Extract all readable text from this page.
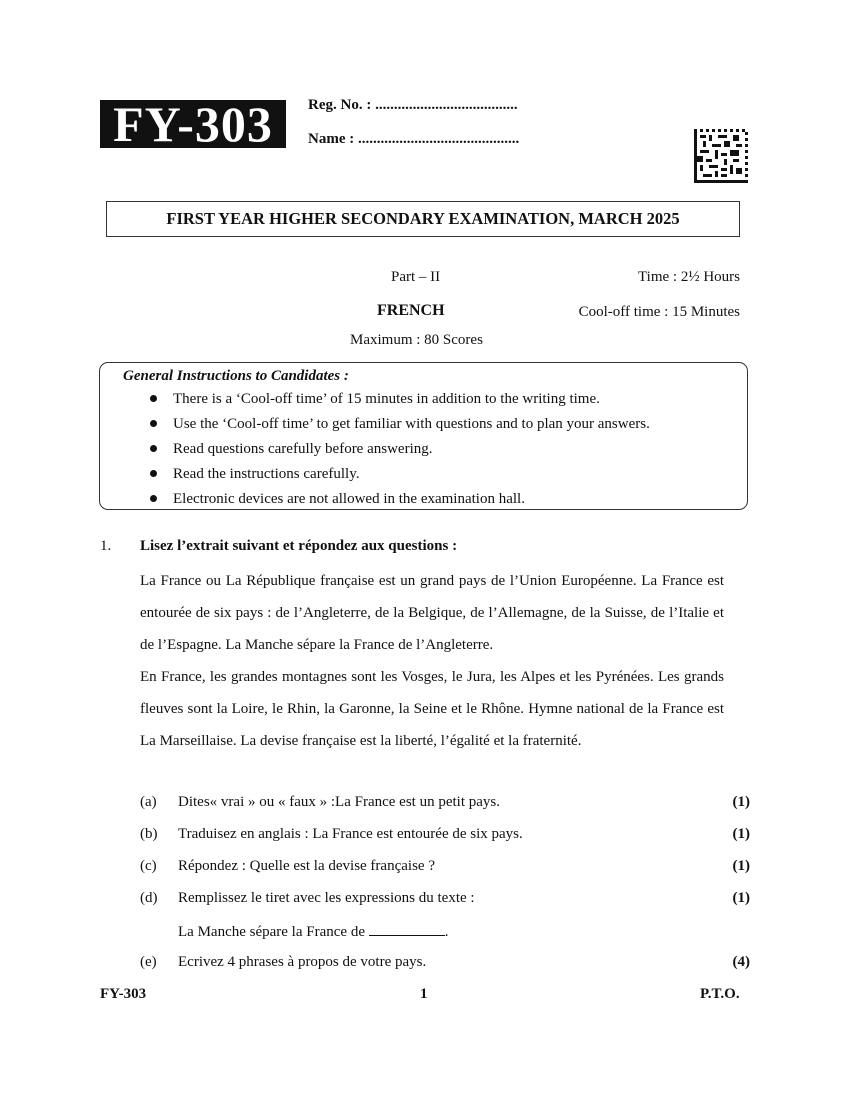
FY-303	Reg. No. : ......................................
Name : ...........................................
FIRST YEAR HIGHER SECONDARY EXAMINATION, MARCH 2025
Part – II	Time : 2½ Hours
FRENCH	Cool-off time : 15 Minutes
Maximum : 80 Scores
General Instructions to Candidates :
There is a ‘Cool-off time’ of 15 minutes in addition to the writing time.
Use the ‘Cool-off time’ to get familiar with questions and to plan your answers.
Read questions carefully before answering.
Read the instructions carefully.
Electronic devices are not allowed in the examination hall.
1. Lisez l’extrait suivant et répondez aux questions :

La France ou La République française est un grand pays de l’Union Européenne. La France est entourée de six pays : de l’Angleterre, de la Belgique, de l’Allemagne, de la Suisse, de l’Italie et de l’Espagne. La Manche sépare la France de l’Angleterre.

En France, les grandes montagnes sont les Vosges, le Jura, les Alpes et les Pyrénées. Les grands fleuves sont la Loire, le Rhin, la Garonne, la Seine et le Rhône. Hymne national de la France est La Marseillaise. La devise française est la liberté, l’égalité et la fraternité.

(a) Dites« vrai » ou « faux » :La France est un petit pays.	(1)
(b) Traduisez en anglais : La France est entourée de six pays.	(1)
(c) Répondez : Quelle est la devise française ?	(1)
(d) Remplissez le tiret avec les expressions du texte :	(1)
La Manche sépare la France de	.
(e) Ecrivez 4 phrases à propos de votre pays.	(4)
FY-303	1	P.T.O.
